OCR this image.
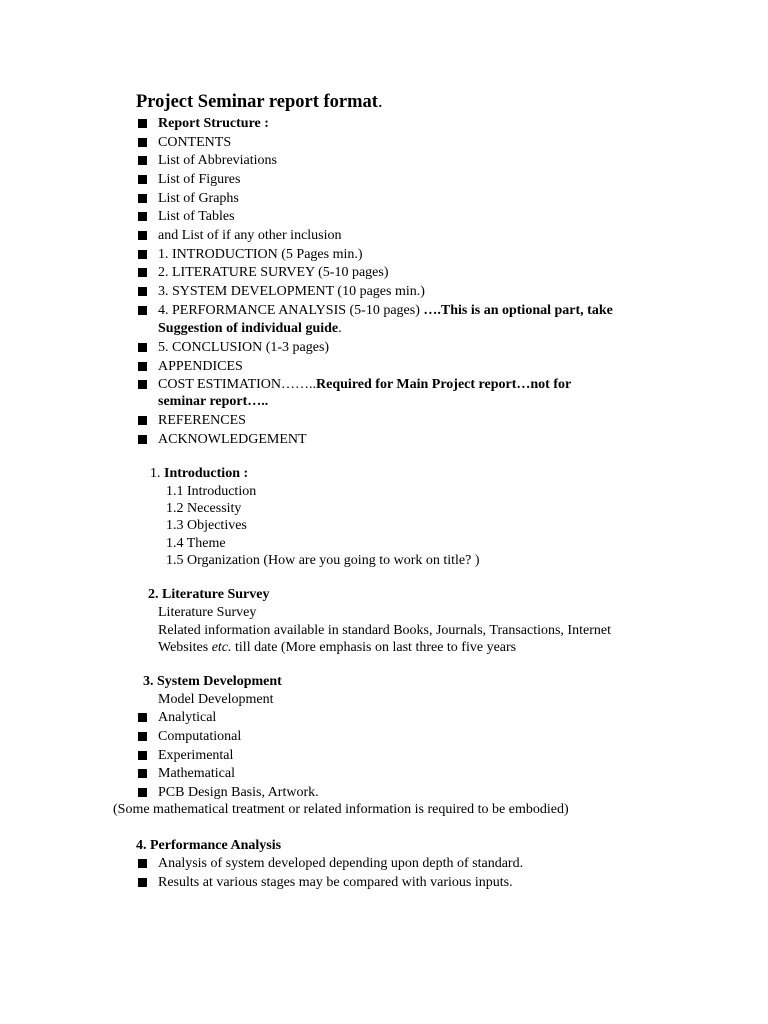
Project Seminar report format.
Report Structure :
CONTENTS
List of Abbreviations
List of Figures
List of Graphs
List of Tables
and List of if any other inclusion
1. INTRODUCTION (5 Pages min.)
2. LITERATURE SURVEY (5-10 pages)
3. SYSTEM DEVELOPMENT (10 pages min.)
4. PERFORMANCE ANALYSIS (5-10 pages) ….This is an optional part, take
Suggestion of individual guide.
5. CONCLUSION (1-3 pages)
APPENDICES
COST ESTIMATION……..Required for Main Project report…not for
seminar report…..
REFERENCES
ACKNOWLEDGEMENT
1. Introduction :
1.1 Introduction
1.2 Necessity
1.3 Objectives
1.4 Theme
1.5 Organization (How are you going to work on title? )
2. Literature Survey
Literature Survey
Related information available in standard Books, Journals, Transactions, Internet
Websites etc. till date (More emphasis on last three to five years
3. System Development
Model Development
Analytical
Computational
Experimental
Mathematical
PCB Design Basis, Artwork.
(Some mathematical treatment or related information is required to be embodied)
4. Performance Analysis
Analysis of system developed depending upon depth of standard.
Results at various stages may be compared with various inputs.
